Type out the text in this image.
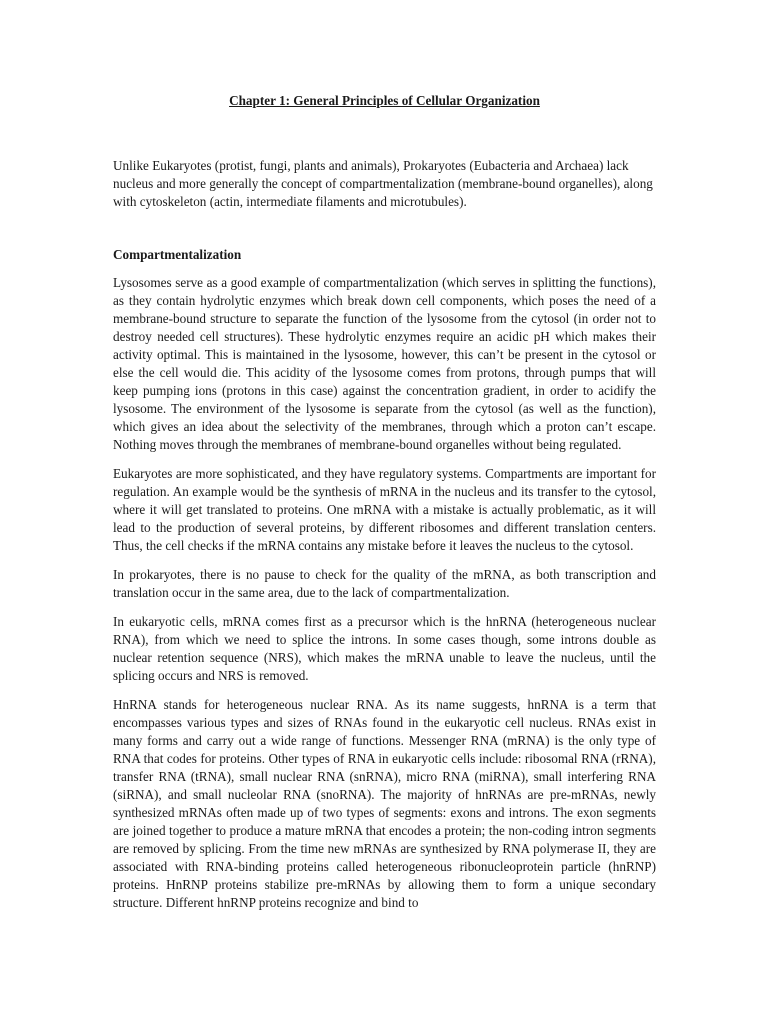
Chapter 1: General Principles of Cellular Organization

Unlike Eukaryotes (protist, fungi, plants and animals), Prokaryotes (Eubacteria and Archaea) lack nucleus and more generally the concept of compartmentalization (membrane-bound organelles), along with cytoskeleton (actin, intermediate filaments and microtubules).

Compartmentalization

Lysosomes serve as a good example of compartmentalization (which serves in splitting the functions), as they contain hydrolytic enzymes which break down cell components, which poses the need of a membrane-bound structure to separate the function of the lysosome from the cytosol (in order not to destroy needed cell structures). These hydrolytic enzymes require an acidic pH which makes their activity optimal. This is maintained in the lysosome, however, this can’t be present in the cytosol or else the cell would die. This acidity of the lysosome comes from protons, through pumps that will keep pumping ions (protons in this case) against the concentration gradient, in order to acidify the lysosome. The environment of the lysosome is separate from the cytosol (as well as the function), which gives an idea about the selectivity of the membranes, through which a proton can’t escape. Nothing moves through the membranes of membrane-bound organelles without being regulated.

Eukaryotes are more sophisticated, and they have regulatory systems. Compartments are important for regulation. An example would be the synthesis of mRNA in the nucleus and its transfer to the cytosol, where it will get translated to proteins. One mRNA with a mistake is actually problematic, as it will lead to the production of several proteins, by different ribosomes and different translation centers. Thus, the cell checks if the mRNA contains any mistake before it leaves the nucleus to the cytosol.

In prokaryotes, there is no pause to check for the quality of the mRNA, as both transcription and translation occur in the same area, due to the lack of compartmentalization.

In eukaryotic cells, mRNA comes first as a precursor which is the hnRNA (heterogeneous nuclear RNA), from which we need to splice the introns. In some cases though, some introns double as nuclear retention sequence (NRS), which makes the mRNA unable to leave the nucleus, until the splicing occurs and NRS is removed.

HnRNA stands for heterogeneous nuclear RNA. As its name suggests, hnRNA is a term that encompasses various types and sizes of RNAs found in the eukaryotic cell nucleus. RNAs exist in many forms and carry out a wide range of functions. Messenger RNA (mRNA) is the only type of RNA that codes for proteins. Other types of RNA in eukaryotic cells include: ribosomal RNA (rRNA), transfer RNA (tRNA), small nuclear RNA (snRNA), micro RNA (miRNA), small interfering RNA (siRNA), and small nucleolar RNA (snoRNA). The majority of hnRNAs are pre-mRNAs, newly synthesized mRNAs often made up of two types of segments: exons and introns. The exon segments are joined together to produce a mature mRNA that encodes a protein; the non-coding intron segments are removed by splicing. From the time new mRNAs are synthesized by RNA polymerase II, they are associated with RNA-binding proteins called heterogeneous ribonucleoprotein particle (hnRNP) proteins. HnRNP proteins stabilize pre-mRNAs by allowing them to form a unique secondary structure. Different hnRNP proteins recognize and bind to
